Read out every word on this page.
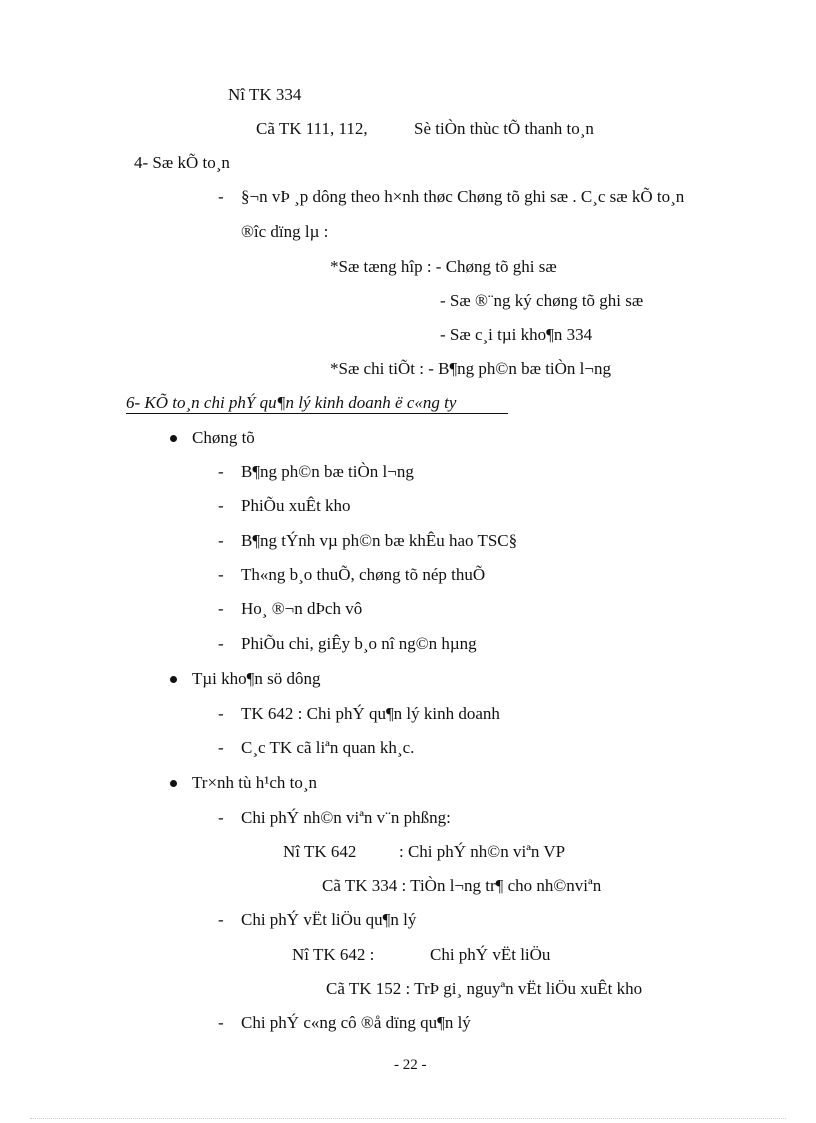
Nî TK 334
Cã TK 111, 112,	Sè tiÒn thùc tÕ thanh to¸n
4- Sæ kÕ to¸n
- §¬n vÞ ¸p dông theo h×nh thøc Chøng tõ ghi sæ . C¸c sæ kÕ to¸n
®îc dïng lµ :
*Sæ tæng hîp : - Chøng tõ ghi sæ
- Sæ ®¨ng ký chøng tõ ghi sæ
- Sæ c¸i tµi kho¶n 334
*Sæ chi tiÕt : - B¶ng ph©n bæ tiÒn l¬ng
6- KÕ to¸n chi phÝ qu¶n lý kinh doanh ë c«ng ty
Chøng tõ
- B¶ng ph©n bæ tiÒn l¬ng
- PhiÕu xuÊt kho
- B¶ng tÝnh vµ ph©n bæ khÊu hao TSC§
- Th«ng b¸o thuÕ, chøng tõ nép thuÕ
- Ho¸ ®¬n dÞch vô
- PhiÕu chi, giÊy b¸o nî ng©n hµng
Tµi kho¶n sö dông
- TK 642 : Chi phÝ qu¶n lý kinh doanh
- C¸c TK cã liªn quan kh¸c.
Tr×nh tù h¹ch to¸n
- Chi phÝ nh©n viªn v¨n phßng:
Nî TK 642	: Chi phÝ nh©n viªn VP
Cã TK 334 : TiÒn l¬ng tr¶ cho nh©nviªn
- Chi phÝ vËt liÖu qu¶n lý
Nî TK 642 :	Chi phÝ vËt liÖu
Cã TK 152 : TrÞ gi¸ nguyªn vËt liÖu xuÊt kho
- Chi phÝ c«ng cô ®å dïng qu¶n lý
- 22 -
